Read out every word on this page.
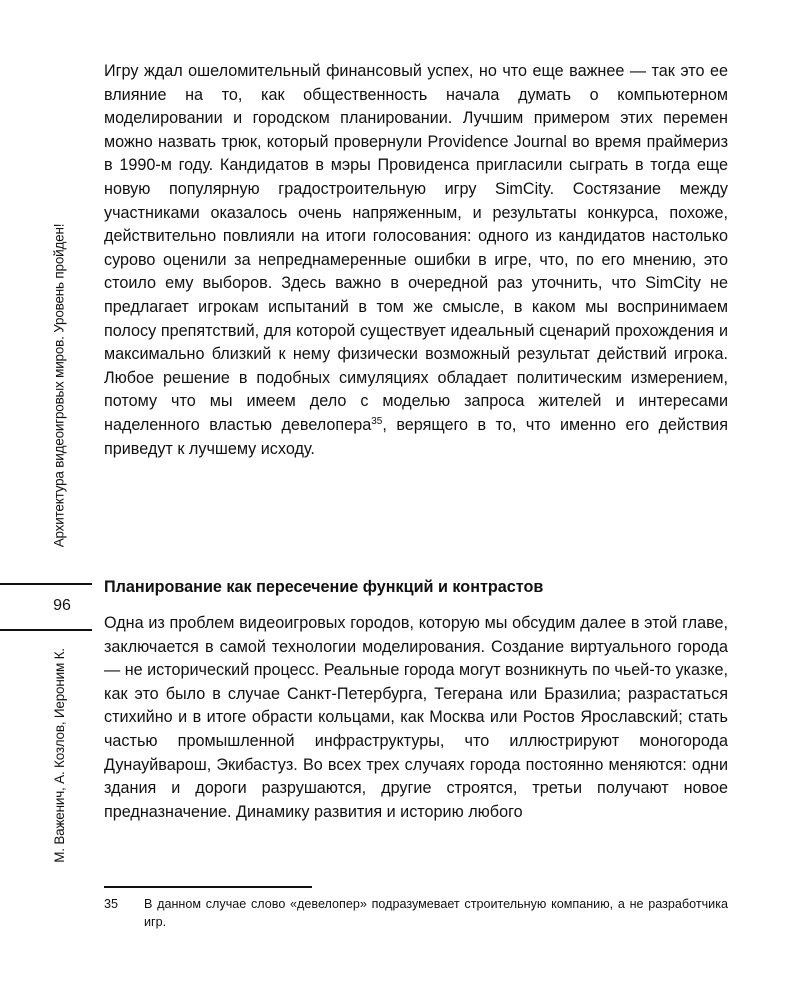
Архитектура видеоигровых миров. Уровень пройден!
96
М. Важенич, А. Козлов, Иероним К.

Игру ждал ошеломительный финансовый успех, но что еще важнее — так это ее влияние на то, как общественность начала думать о компьютерном моделировании и городском планировании. Лучшим примером этих перемен можно назвать трюк, который провернули Providence Journal во время праймериз в 1990-м году. Кандидатов в мэры Провиденса пригласили сыграть в тогда еще новую популярную градостроительную игру SimCity. Состязание между участниками оказалось очень напряженным, и результаты конкурса, похоже, действительно повлияли на итоги голосования: одного из кандидатов настолько сурово оценили за непреднамеренные ошибки в игре, что, по его мнению, это стоило ему выборов. Здесь важно в очередной раз уточнить, что SimCity не предлагает игрокам испытаний в том же смысле, в каком мы воспринимаем полосу препятствий, для которой существует идеальный сценарий прохождения и максимально близкий к нему физически возможный результат действий игрока. Любое решение в подобных симуляциях обладает политическим измерением, потому что мы имеем дело с моделью запроса жителей и интересами наделенного властью девелопера$^{35}$, верящего в то, что именно его действия приведут к лучшему исходу.

Планирование как пересечение функций и контрастов

Одна из проблем видеоигровых городов, которую мы обсудим далее в этой главе, заключается в самой технологии моделирования. Создание виртуального города — не исторический процесс. Реальные города могут возникнуть по чьей-то указке, как это было в случае Санкт-Петербурга, Тегерана или Бразилиа; разрастаться стихийно и в итоге обрасти кольцами, как Москва или Ростов Ярославский; стать частью промышленной инфраструктуры, что иллюстрируют моногорода Дунауйварош, Экибастуз. Во всех трех случаях города постоянно меняются: одни здания и дороги разрушаются, другие строятся, третьи получают новое предназначение. Динамику развития и историю любого

35	В данном случае слово «девелопер» подразумевает строительную компанию, а не разработчика игр.
